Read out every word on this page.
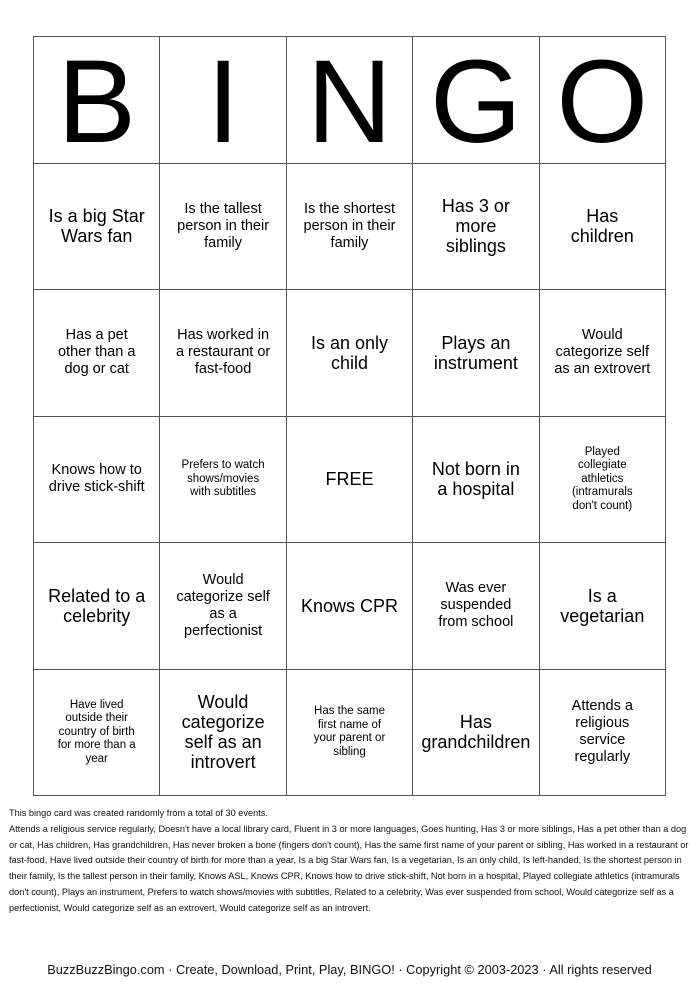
B I N G O
Is a big Star Wars fan
Is the tallest person in their family
Is the shortest person in their family
Has 3 or more siblings
Has children
Has a pet other than a dog or cat
Has worked in a restaurant or fast-food
Is an only child
Plays an instrument
Would categorize self as an extrovert
Knows how to drive stick-shift
Prefers to watch shows/movies with subtitles
FREE	Not born in a hospital
Played collegiate athletics (intramurals don't count)
Related to a celebrity
Would categorize self as a perfectionist
Knows CPR
Was ever suspended from school
Is a vegetarian
Have lived outside their country of birth for more than a year
Would categorize self as an introvert
Has the same first name of your parent or sibling
Has grandchildren
Attends a religious service regularly
This bingo card was created randomly from a total of 30 events.
Attends a religious service regularly, Doesn't have a local library card, Fluent in 3 or more languages, Goes hunting, Has 3 or more siblings, Has a pet other than a dog or cat, Has children, Has grandchildren, Has never broken a bone (fingers don't count), Has the same first name of your parent or sibling, Has worked in a restaurant or fast-food, Have lived outside their country of birth for more than a year, Is a big Star Wars fan, Is a vegetarian, Is an only child, Is left-handed, Is the shortest person in their family, Is the tallest person in their family, Knows ASL, Knows CPR, Knows how to drive stick-shift, Not born in a hospital, Played collegiate athletics (intramurals don't count), Plays an instrument, Prefers to watch shows/movies with subtitles, Related to a celebrity, Was ever suspended from school, Would categorize self as a perfectionist, Would categorize self as an extrovert, Would categorize self as an introvert.
BuzzBuzzBingo.com · Create, Download, Print, Play, BINGO! · Copyright © 2003-2023 · All rights reserved
